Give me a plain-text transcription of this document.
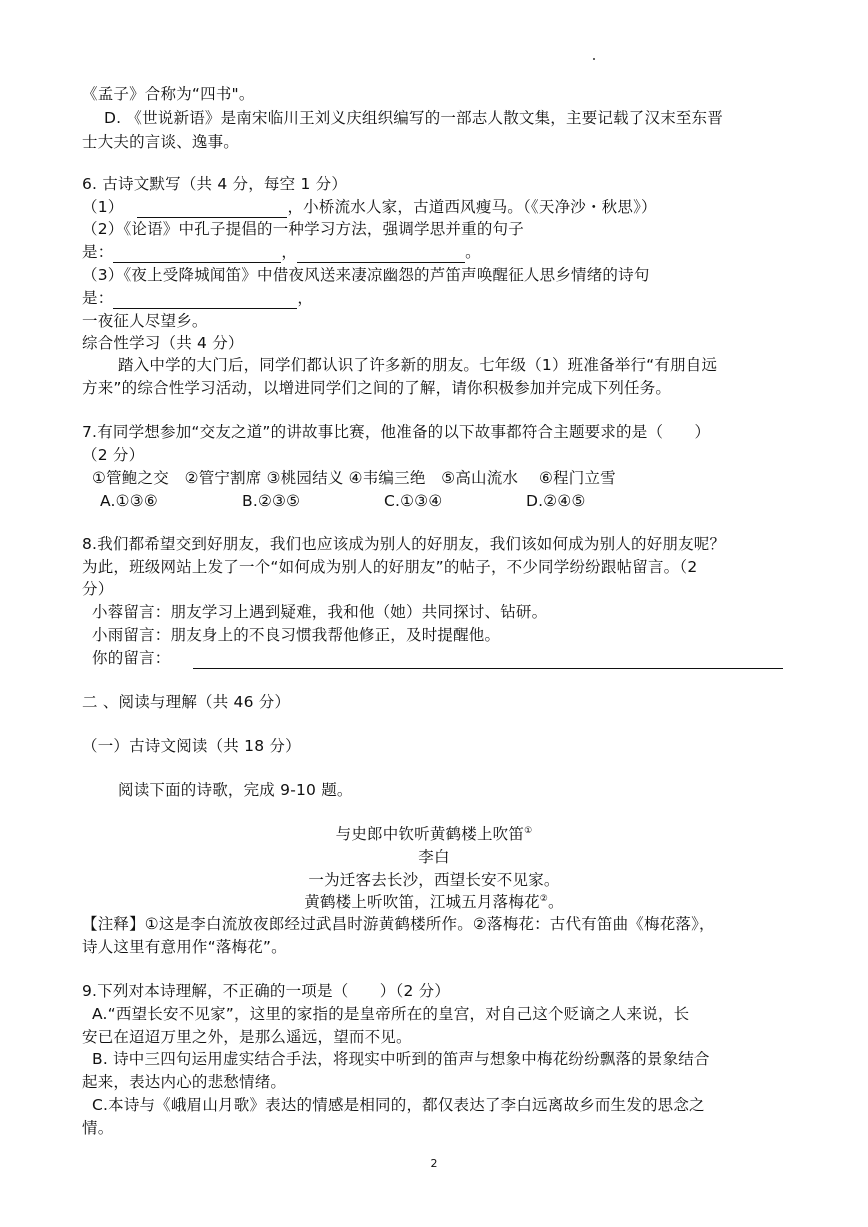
《孟子》合称为“四书"。
D. 《世说新语》是南宋临川王刘义庆组织编写的一部志人散文集，主要记载了汉末至东晋
士大夫的言谈、逸事。
6. 古诗文默写（共 4 分，每空 1 分）
（1）	，小桥流水人家，古道西风瘦马。（《天净沙・秋思》）
（2）《论语》中孔子提倡的一种学习方法，强调学思并重的句子
是：	，	。
（3）《夜上受降城闻笛》中借夜风送来凄凉幽怨的芦笛声唤醒征人思乡情绪的诗句
是：	，
一夜征人尽望乡。
综合性学习（共 4 分）
踏入中学的大门后，同学们都认识了许多新的朋友。七年级（1）班准备举行“有朋自远
方来”的综合性学习活动，以增进同学们之间的了解，请你积极参加并完成下列任务。
7.有同学想参加“交友之道”的讲故事比赛，他准备的以下故事都符合主题要求的是（　　）
（2 分）
①管鲍之交　②管宁割席 ③桃园结义 ④韦编三绝　⑤高山流水　 ⑥程门立雪
A.①③⑥	B.②③⑤	C.①③④	D.②④⑤
8.我们都希望交到好朋友，我们也应该成为别人的好朋友，我们该如何成为别人的好朋友呢？
为此，班级网站上发了一个“如何成为别人的好朋友”的帖子，不少同学纷纷跟帖留言。（2
分）
小蓉留言：朋友学习上遇到疑难，我和他（她）共同探讨、钻研。
小雨留言：朋友身上的不良习惯我帮他修正，及时提醒他。
你的留言：
二 、阅读与理解（共 46 分）
（一）古诗文阅读（共 18 分）
阅读下面的诗歌，完成 9-10 题。
与史郎中钦听黄鹤楼上吹笛①
李白
一为迁客去长沙，西望长安不见家。
黄鹤楼上听吹笛，江城五月落梅花②。
【注释】①这是李白流放夜郎经过武昌时游黄鹤楼所作。②落梅花：古代有笛曲《梅花落》，
诗人这里有意用作“落梅花”。
9.下列对本诗理解，不正确的一项是（　　）（2 分）
A.“西望长安不见家”，这里的家指的是皇帝所在的皇宫，对自己这个贬谪之人来说，长
安已在迢迢万里之外，是那么遥远，望而不见。
B. 诗中三四句运用虚实结合手法，将现实中听到的笛声与想象中梅花纷纷飘落的景象结合
起来，表达内心的悲愁情绪。
C.本诗与《峨眉山月歌》表达的情感是相同的，都仅表达了李白远离故乡而生发的思念之
情。
2
